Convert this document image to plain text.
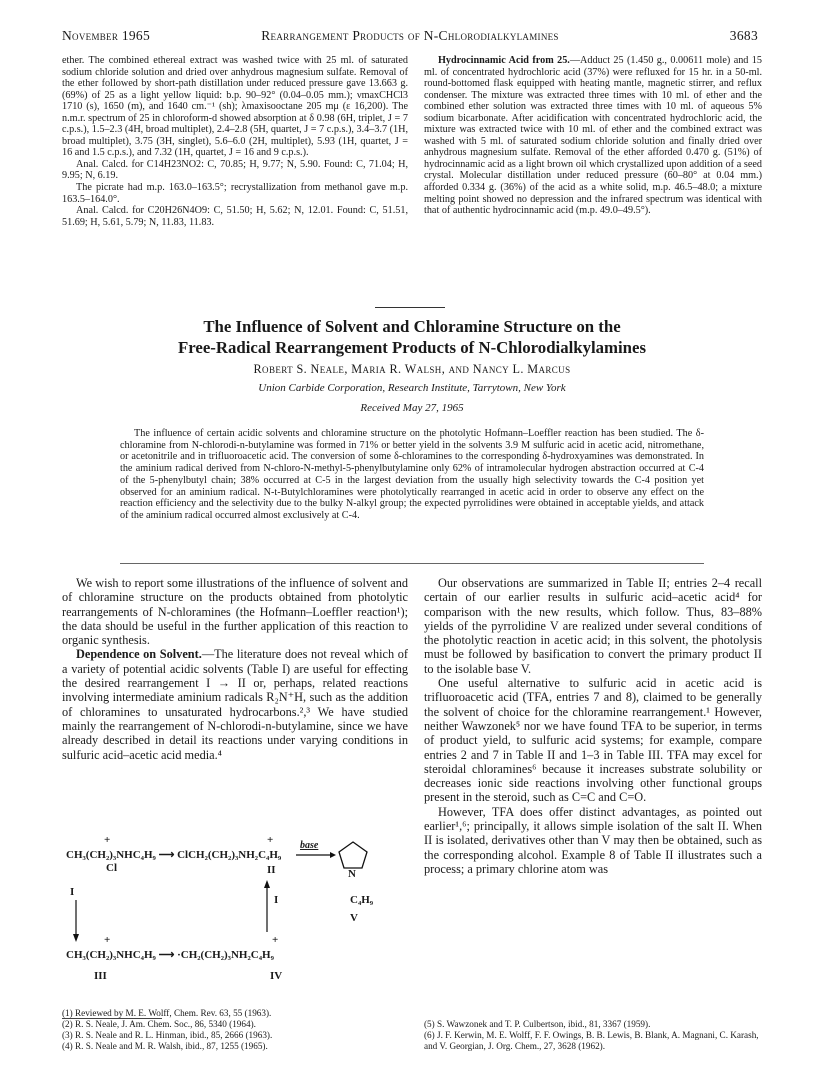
November 1965	Rearrangement Products of N-Chlorodialkylamines	3683

ether. The combined ethereal extract was washed twice with 25 ml. of saturated sodium chloride solution and dried over anhydrous magnesium sulfate. Removal of the ether followed by short-path distillation under reduced pressure gave 13.663 g. (69%) of 25 as a light yellow liquid: b.p. 90–92° (0.04–0.05 mm.); νmaxCHCl3 1710 (s), 1650 (m), and 1640 cm.⁻¹ (sh); λmaxisooctane 205 mμ (ε 16,200). The n.m.r. spectrum of 25 in chloroform-d showed absorption at δ 0.98 (6H, triplet, J = 7 c.p.s.), 1.5–2.3 (4H, broad multiplet), 2.4–2.8 (5H, quartet, J = 7 c.p.s.), 3.4–3.7 (1H, broad multiplet), 3.75 (3H, singlet), 5.6–6.0 (2H, multiplet), 5.93 (1H, quartet, J = 16 and 1.5 c.p.s.), and 7.32 (1H, quartet, J = 16 and 9 c.p.s.).

Anal. Calcd. for C14H23NO2: C, 70.85; H, 9.77; N, 5.90. Found: C, 71.04; H, 9.95; N, 6.19.

The picrate had m.p. 163.0–163.5°; recrystallization from methanol gave m.p. 163.5–164.0°.

Anal. Calcd. for C20H26N4O9: C, 51.50; H, 5.62; N, 12.01. Found: C, 51.51, 51.69; H, 5.61, 5.79; N, 11.83, 11.83.

Hydrocinnamic Acid from 25.—Adduct 25 (1.450 g., 0.00611 mole) and 15 ml. of concentrated hydrochloric acid (37%) were refluxed for 15 hr. in a 50-ml. round-bottomed flask equipped with heating mantle, magnetic stirrer, and reflux condenser. The mixture was extracted three times with 10 ml. of ether and the combined ether solution was extracted three times with 10 ml. of aqueous 5% sodium bicarbonate. After acidification with concentrated hydrochloric acid, the mixture was extracted twice with 10 ml. of ether and the combined extract was washed with 5 ml. of saturated sodium chloride solution and finally dried over anhydrous magnesium sulfate. Removal of the ether afforded 0.470 g. (51%) of hydrocinnamic acid as a light brown oil which crystallized upon addition of a seed crystal. Molecular distillation under reduced pressure (60–80° at 0.04 mm.) afforded 0.334 g. (36%) of the acid as a white solid, m.p. 46.5–48.0; a mixture melting point showed no depression and the infrared spectrum was identical with that of authentic hydrocinnamic acid (m.p. 49.0–49.5°).

The Influence of Solvent and Chloramine Structure on the
Free-Radical Rearrangement Products of N-Chlorodialkylamines
Robert S. Neale, Maria R. Walsh, and Nancy L. Marcus
Union Carbide Corporation, Research Institute, Tarrytown, New York
Received May 27, 1965

The influence of certain acidic solvents and chloramine structure on the photolytic Hofmann–Loeffler reaction has been studied. The δ-chloramine from N-chlorodi-n-butylamine was formed in 71% or better yield in the solvents 3.9 M sulfuric acid in acetic acid, nitromethane, or acetonitrile and in trifluoroacetic acid. The conversion of some δ-chloramines to the corresponding δ-hydroxyamines was demonstrated. In the aminium radical derived from N-chloro-N-methyl-5-phenylbutylamine only 62% of intramolecular hydrogen abstraction occurred at C-4 of the 5-phenylbutyl chain; 38% occurred at C-5 in the largest deviation from the usually high selectivity towards the C-4 position yet observed for an aminium radical. N-t-Butylchloramines were photolytically rearranged in acetic acid in order to observe any effect on the reaction efficiency and the selectivity due to the bulky N-alkyl group; the expected pyrrolidines were obtained in acceptable yields, and attack of the aminium radical occurred almost exclusively at C-4.

We wish to report some illustrations of the influence of solvent and of chloramine structure on the products obtained from photolytic rearrangements of N-chloramines (the Hofmann–Loeffler reaction¹); the data should be useful in the further application of this reaction to organic synthesis.

Dependence on Solvent.—The literature does not reveal which of a variety of potential acidic solvents (Table I) are useful for effecting the desired rearrangement I → II or, perhaps, related reactions involving intermediate aminium radicals R₂N⁺H, such as the addition of chloramines to unsaturated hydrocarbons.²,³ We have studied mainly the rearrangement of N-chlorodi-n-butylamine, since we have already described in detail its reactions under varying conditions in sulfuric acid–acetic acid media.⁴

CH₃(CH₂)₃NHC₄H₉ ⟶ ClCH₂(CH₂)₃NH₂C₄H₉
+	+
Cl
base
N
C₄H₉
V
II
I
I
+	+
CH₃(CH₂)₃NHC₄H₉ ⟶ ·CH₂(CH₂)₃NH₂C₄H₉
III	IV

Our observations are summarized in Table II; entries 2–4 recall certain of our earlier results in sulfuric acid–acetic acid⁴ for comparison with the new results, which follow. Thus, 83–88% yields of the pyrrolidine V are realized under several conditions of the photolytic reaction in acetic acid; in this solvent, the photolysis must be followed by basification to convert the primary product II to the isolable base V.

One useful alternative to sulfuric acid in acetic acid is trifluoroacetic acid (TFA, entries 7 and 8), claimed to be generally the solvent of choice for the chloramine rearrangement.¹ However, neither Wawzonek⁵ nor we have found TFA to be superior, in terms of product yield, to sulfuric acid systems; for example, compare entries 2 and 7 in Table II and 1–3 in Table III. TFA may excel for steroidal chloramines⁶ because it increases substrate solubility or decreases ionic side reactions involving other functional groups present in the steroid, such as C=C and C=O.

However, TFA does offer distinct advantages, as pointed out earlier¹,⁶; principally, it allows simple isolation of the salt II. When II is isolated, derivatives other than V may then be obtained, such as the corresponding alcohol. Example 8 of Table II illustrates such a process; a primary chlorine atom was

(1) Reviewed by M. E. Wolff, Chem. Rev. 63, 55 (1963).

(2) R. S. Neale, J. Am. Chem. Soc., 86, 5340 (1964).

(3) R. S. Neale and R. L. Hinman, ibid., 85, 2666 (1963).

(4) R. S. Neale and M. R. Walsh, ibid., 87, 1255 (1965).

(5) S. Wawzonek and T. P. Culbertson, ibid., 81, 3367 (1959).

(6) J. F. Kerwin, M. E. Wolff, F. F. Owings, B. B. Lewis, B. Blank, A. Magnani, C. Karash, and V. Georgian, J. Org. Chem., 27, 3628 (1962).
